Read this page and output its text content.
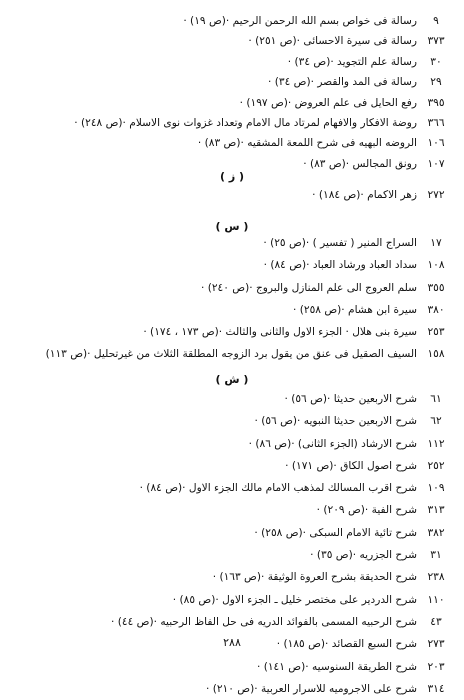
٩
رسالة فى خواص بسم الله الرحمن الرحيم ·(ص ١٩) ·
٣٧٣
رسالة فى سيرة الاحسائى ·(ص ٢٥١) ·
٣٠
رسالة علم التجويد ·(ص ٣٤) ·
٢٩
رسالة فى المد والقصر ·(ص ٣٤) ·
٣٩٥
رفع الحايل فى علم العروض ·(ص ١٩٧) ·
٣٦٦
روضة الافكار والافهام لمرتاد مال الامام وتعداد غزوات نوى الاسلام ·(ص ٢٤٨) ·
١٠٦
الروضه البهيه فى شرح اللمعة المشقيه ·(ص ٨٣) ·
١٠٧
رونق المجالس ·(ص ٨٣) ·
( ز )
٢٧٢
زهر الاكمام ·(ص ١٨٤) ·
( س )
١٧
السراج المنير ( تفسير ) ·(ص ٢٥) ·
١٠٨
سداد العباد ورشاد العباد ·(ص ٨٤) ·
٣٥٥
سلم العروج الى علم المنازل والبروج ·(ص ٢٤٠) ·
٣٨٠
سيرة ابن هشام ·(ص ٢٥٨) ·
٢٥٣
سيرة بنى هلال · الجزء الاول والثانى والثالث ·(ص ١٧٣ ، ١٧٤) ·
١٥٨
السيف الصقيل فى عنق من يقول برد الزوجه المطلقة الثلاث من غيرتحليل ·(ص ١١٣)
( ش )
٦١
شرح الاربعين حديثا ·(ص ٥٦) ·
٦٢
شرح الاربعين حديثا النبويه ·(ص ٥٦) ·
١١٢
شرح الارشاد (الجزء الثانى) ·(ص ٨٦) ·
٢٥٢
شرح اصول الكاق ·(ص ١٧١) ·
١٠٩
شرح اقرب المسالك لمذهب الامام مالك الجزء الاول ·(ص ٨٤) ·
٣١٣
شرح الفية ·(ص ٢٠٩) ·
٣٨٢
شرح تائية الامام السبكى ·(ص ٢٥٨) ·
٣١
شرح الجزريه ·(ص ٣٥) ·
٢٣٨
شرح الحديقة بشرح العروة الوثيقة ·(ص ١٦٣) ·
١١٠
شرح الدردير على مختصر خليل ـ الجزء الاول ·(ص ٨٥) ·
٤٣
شرح الرحبيه المسمى بالفوائد الدريه فى حل الفاظ الرحبيه ·(ص ٤٤) ·
٢٧٣
شرح السبع القصائد ·(ص ١٨٥) ·
٢٠٣
شرح الطريقة السنوسيه ·(ص ١٤١) ·
٣١٤
شرح على الاجروميه للاسرار العربية ·(ص ٢١٠) ·
٢٨٨
